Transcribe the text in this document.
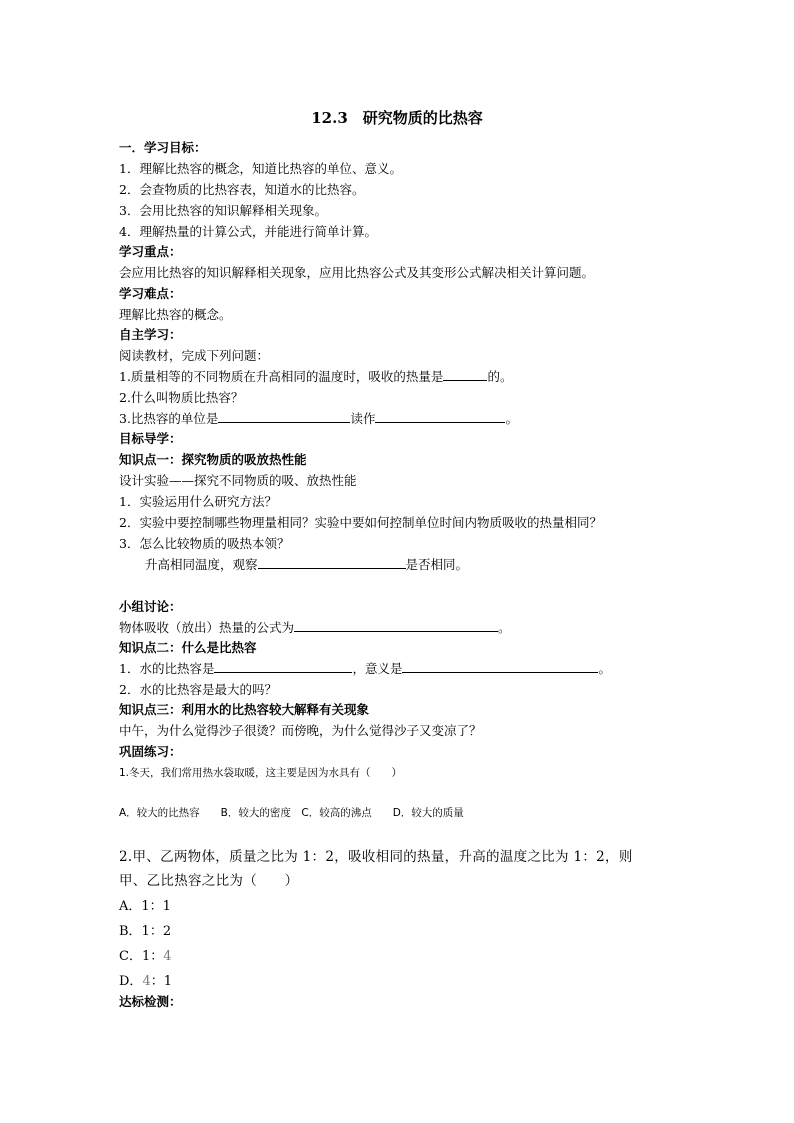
12.3　研究物质的比热容
一．学习目标：
1．理解比热容的概念，知道比热容的单位、意义。
2．会查物质的比热容表，知道水的比热容。
3．会用比热容的知识解释相关现象。
4．理解热量的计算公式，并能进行简单计算。
学习重点：
会应用比热容的知识解释相关现象，应用比热容公式及其变形公式解决相关计算问题。
学习难点：
理解比热容的概念。
自主学习：
阅读教材，完成下列问题：
1.质量相等的不同物质在升高相同的温度时，吸收的热量是	的。
2.什么叫物质比热容？
3.比热容的单位是	读作	。
目标导学：
知识点一：探究物质的吸放热性能
设计实验——探究不同物质的吸、放热性能
1．实验运用什么研究方法？
2．实验中要控制哪些物理量相同？实验中要如何控制单位时间内物质吸收的热量相同？
3．怎么比较物质的吸热本领？
升高相同温度，观察	是否相同。
小组讨论：
物体吸收（放出）热量的公式为	。
知识点二：什么是比热容
1．水的比热容是	，意义是	。
2．水的比热容是最大的吗？
知识点三：利用水的比热容较大解释有关现象
中午，为什么觉得沙子很烫？而傍晚，为什么觉得沙子又变凉了？
巩固练习：
1.冬天，我们常用热水袋取暖，这主要是因为水具有（　　）
A．较大的比热容　　B．较大的密度　C．较高的沸点　　D．较大的质量
2.甲、乙两物体，质量之比为 1：2，吸收相同的热量，升高的温度之比为 1：2，则
甲、乙比热容之比为（　　）
A．1：1
B．1：2
C．1：4
D．4：1
达标检测：
